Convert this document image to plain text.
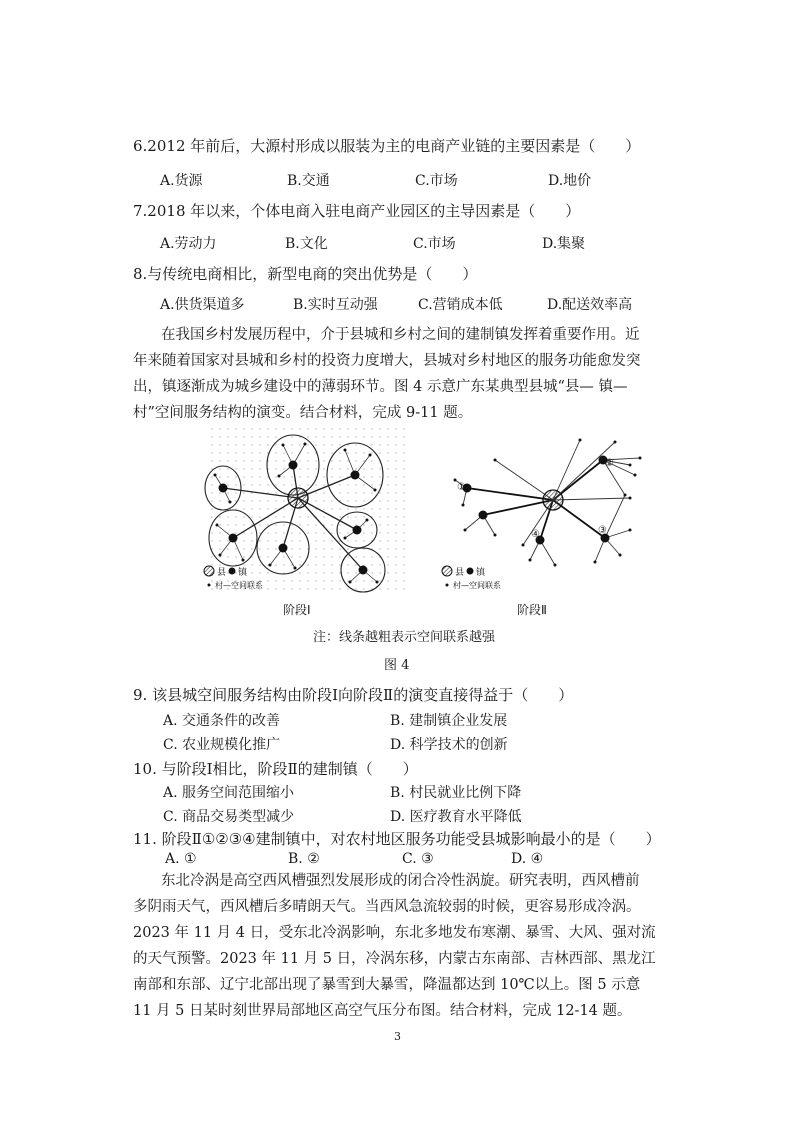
6.2012 年前后，大源村形成以服装为主的电商产业链的主要因素是（　　）
A.货源	B.交通	C.市场	D.地价
7.2018 年以来，个体电商入驻电商产业园区的主导因素是（　　）
A.劳动力	B.文化	C.市场	D.集聚
8.与传统电商相比，新型电商的突出优势是（　　）
A.供货渠道多	B.实时互动强	C.营销成本低	D.配送效率高
在我国乡村发展历程中，介于县城和乡村之间的建制镇发挥着重要作用。近
年来随着国家对县城和乡村的投资力度增大，县城对乡村地区的服务功能愈发突
出，镇逐渐成为城乡建设中的薄弱环节。图 4 示意广东某典型县城“县— 镇—
村”空间服务结构的演变。结合材料，完成 9-11 题。
县 镇
村—空间联系
阶段Ⅰ
①
②
③
④
县 镇
村—空间联系
阶段Ⅱ
注：线条越粗表示空间联系越强
图 4
9. 该县城空间服务结构由阶段Ⅰ向阶段Ⅱ的演变直接得益于（　　）
A. 交通条件的改善	B. 建制镇企业发展
C. 农业规模化推广	D. 科学技术的创新
10. 与阶段Ⅰ相比，阶段Ⅱ的建制镇（　　）
A. 服务空间范围缩小	B. 村民就业比例下降
C. 商品交易类型减少	D. 医疗教育水平降低
11. 阶段Ⅱ①②③④建制镇中，对农村地区服务功能受县城影响最小的是（　　）
A. ①	B. ②	C. ③	D. ④
东北冷涡是高空西风槽强烈发展形成的闭合冷性涡旋。研究表明，西风槽前
多阴雨天气，西风槽后多晴朗天气。当西风急流较弱的时候，更容易形成冷涡。
2023 年 11 月 4 日，受东北冷涡影响，东北多地发布寒潮、暴雪、大风、强对流
的天气预警。2023 年 11 月 5 日，冷涡东移，内蒙古东南部、吉林西部、黑龙江
南部和东部、辽宁北部出现了暴雪到大暴雪，降温都达到 10℃以上。图 5 示意
11 月 5 日某时刻世界局部地区高空气压分布图。结合材料，完成 12-14 题。
3
